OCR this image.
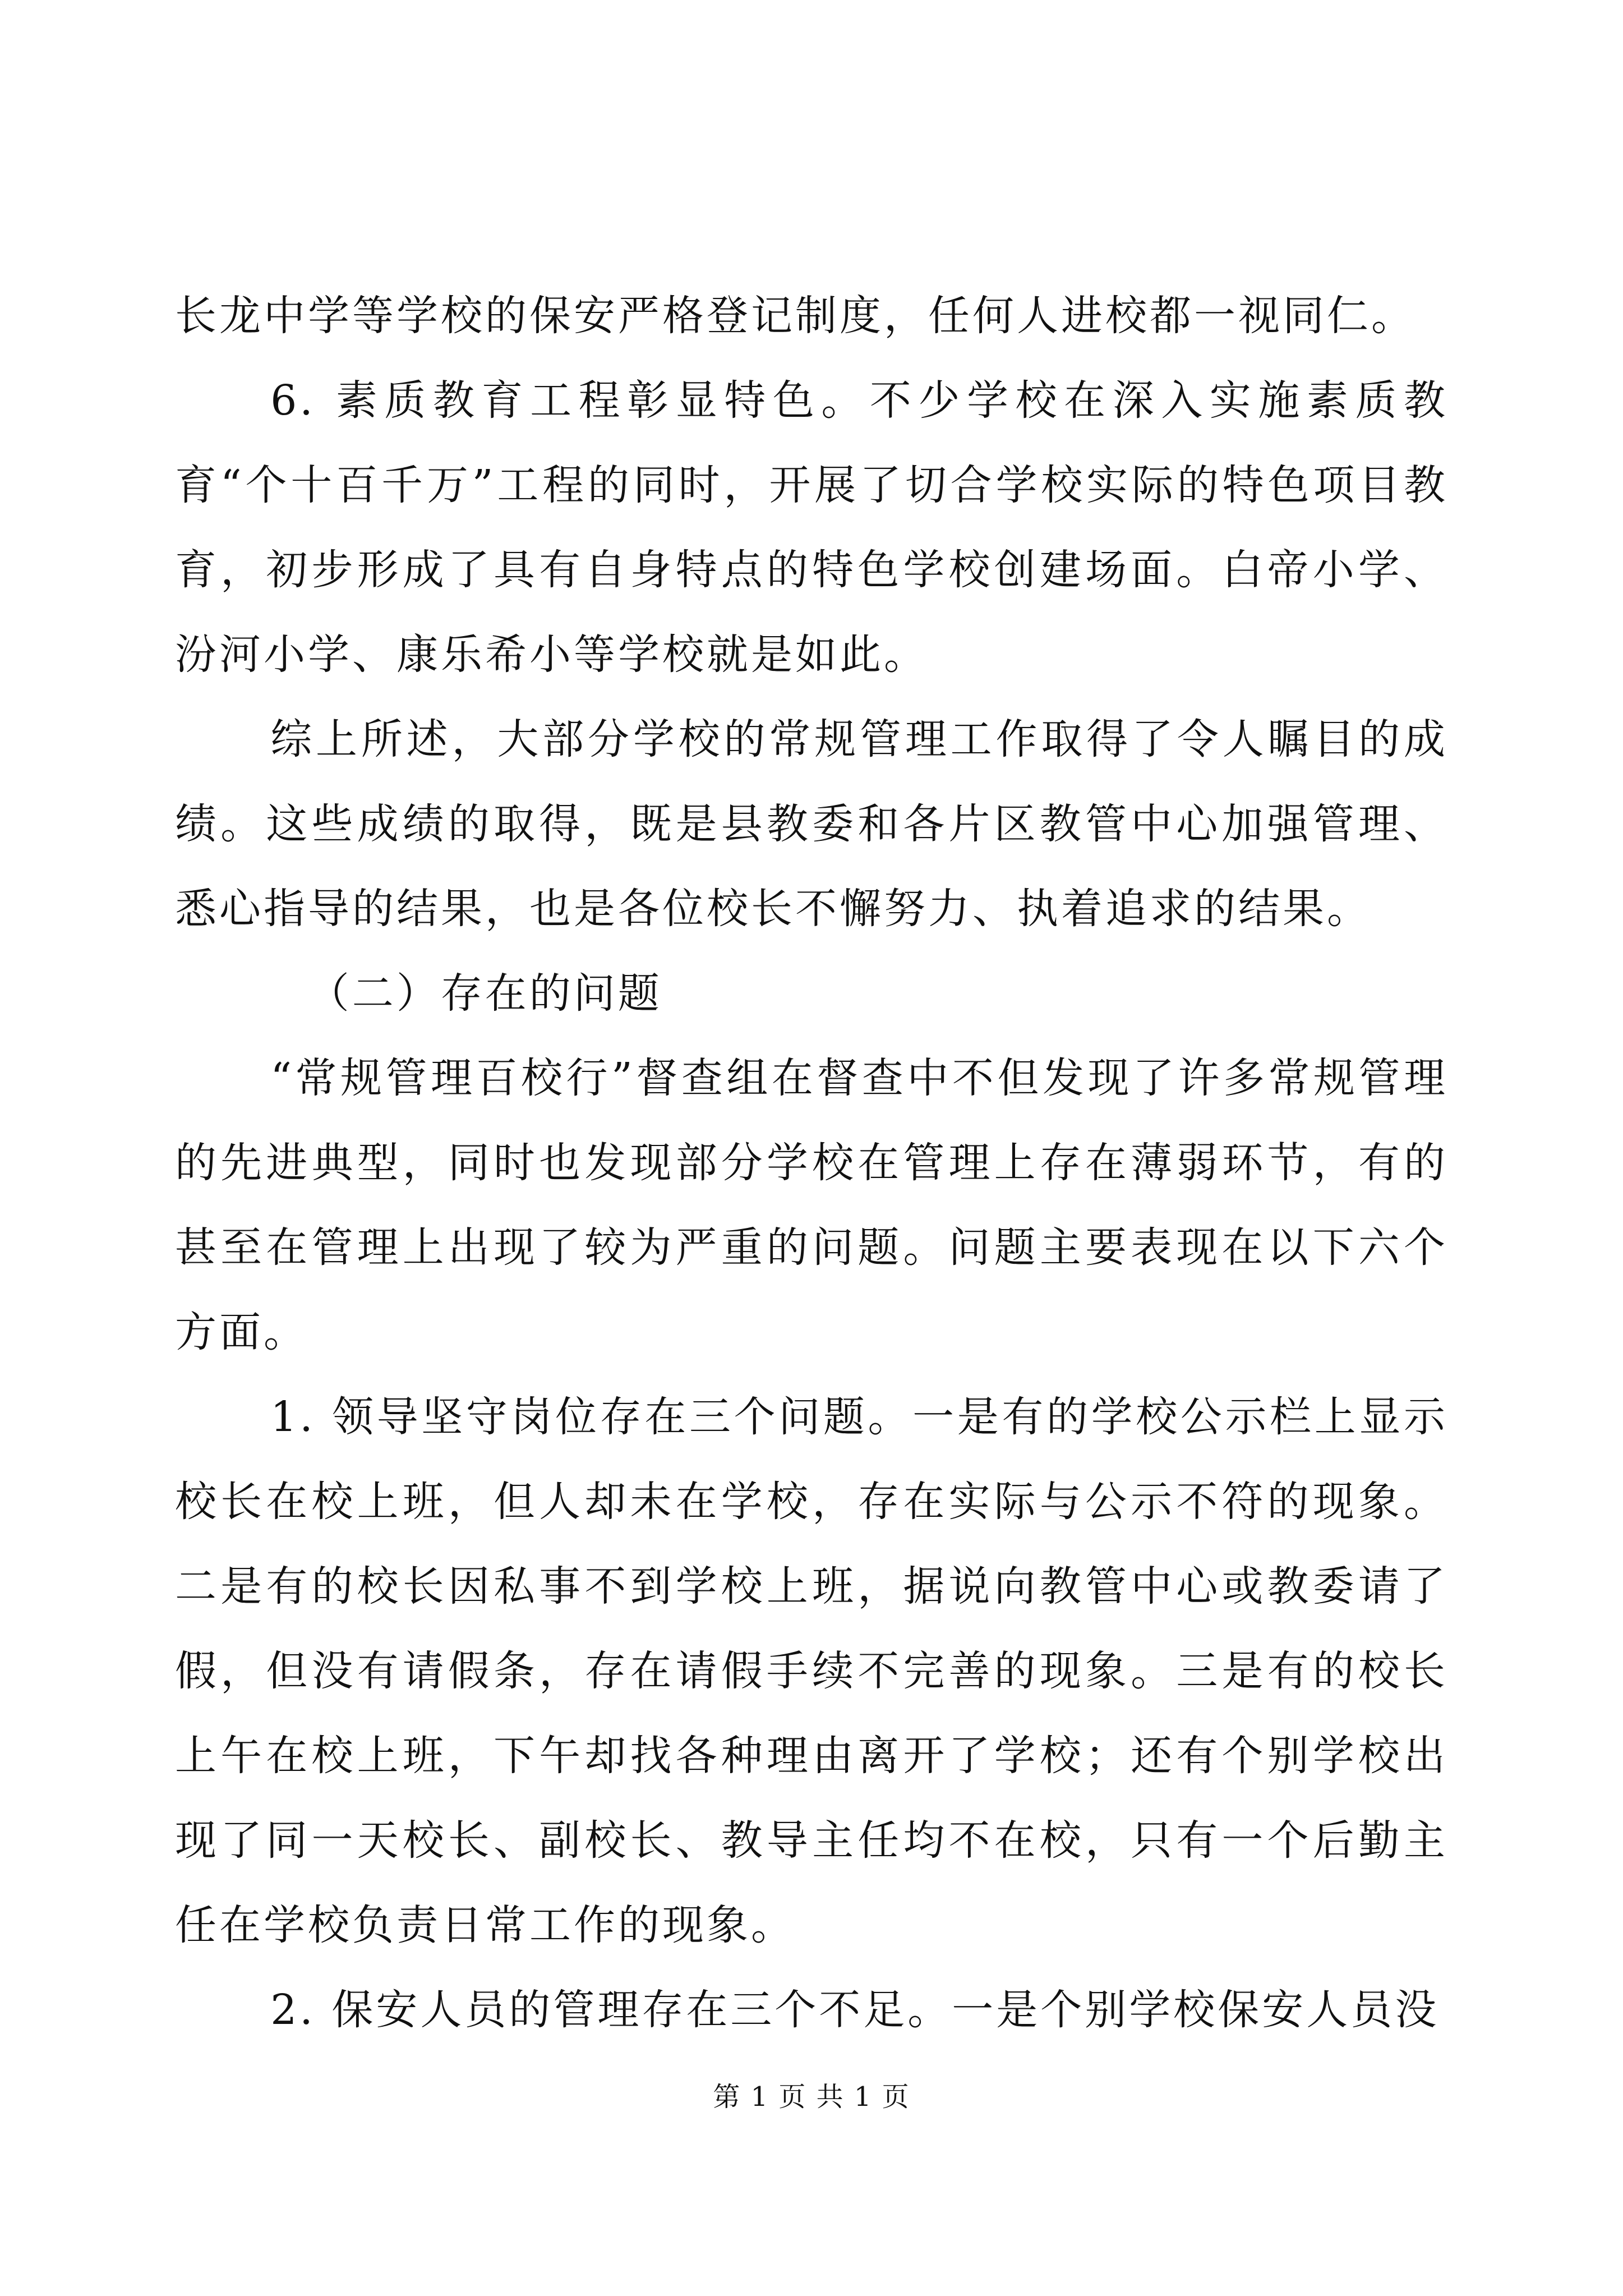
长龙中学等学校的保安严格登记制度，任何人进校都一视同仁。

6. 素质教育工程彰显特色。不少学校在深入实施素质教育“个十百千万”工程的同时，开展了切合学校实际的特色项目教育，初步形成了具有自身特点的特色学校创建场面。白帝小学、汾河小学、康乐希小等学校就是如此。

综上所述，大部分学校的常规管理工作取得了令人瞩目的成绩。这些成绩的取得，既是县教委和各片区教管中心加强管理、悉心指导的结果，也是各位校长不懈努力、执着追求的结果。

（二）存在的问题

“常规管理百校行”督查组在督查中不但发现了许多常规管理的先进典型，同时也发现部分学校在管理上存在薄弱环节，有的甚至在管理上出现了较为严重的问题。问题主要表现在以下六个方面。

1. 领导坚守岗位存在三个问题。一是有的学校公示栏上显示校长在校上班，但人却未在学校，存在实际与公示不符的现象。二是有的校长因私事不到学校上班，据说向教管中心或教委请了假，但没有请假条，存在请假手续不完善的现象。三是有的校长上午在校上班，下午却找各种理由离开了学校；还有个别学校出现了同一天校长、副校长、教导主任均不在校，只有一个后勤主任在学校负责日常工作的现象。

2. 保安人员的管理存在三个不足。一是个别学校保安人员没

第 1 页 共 1 页
